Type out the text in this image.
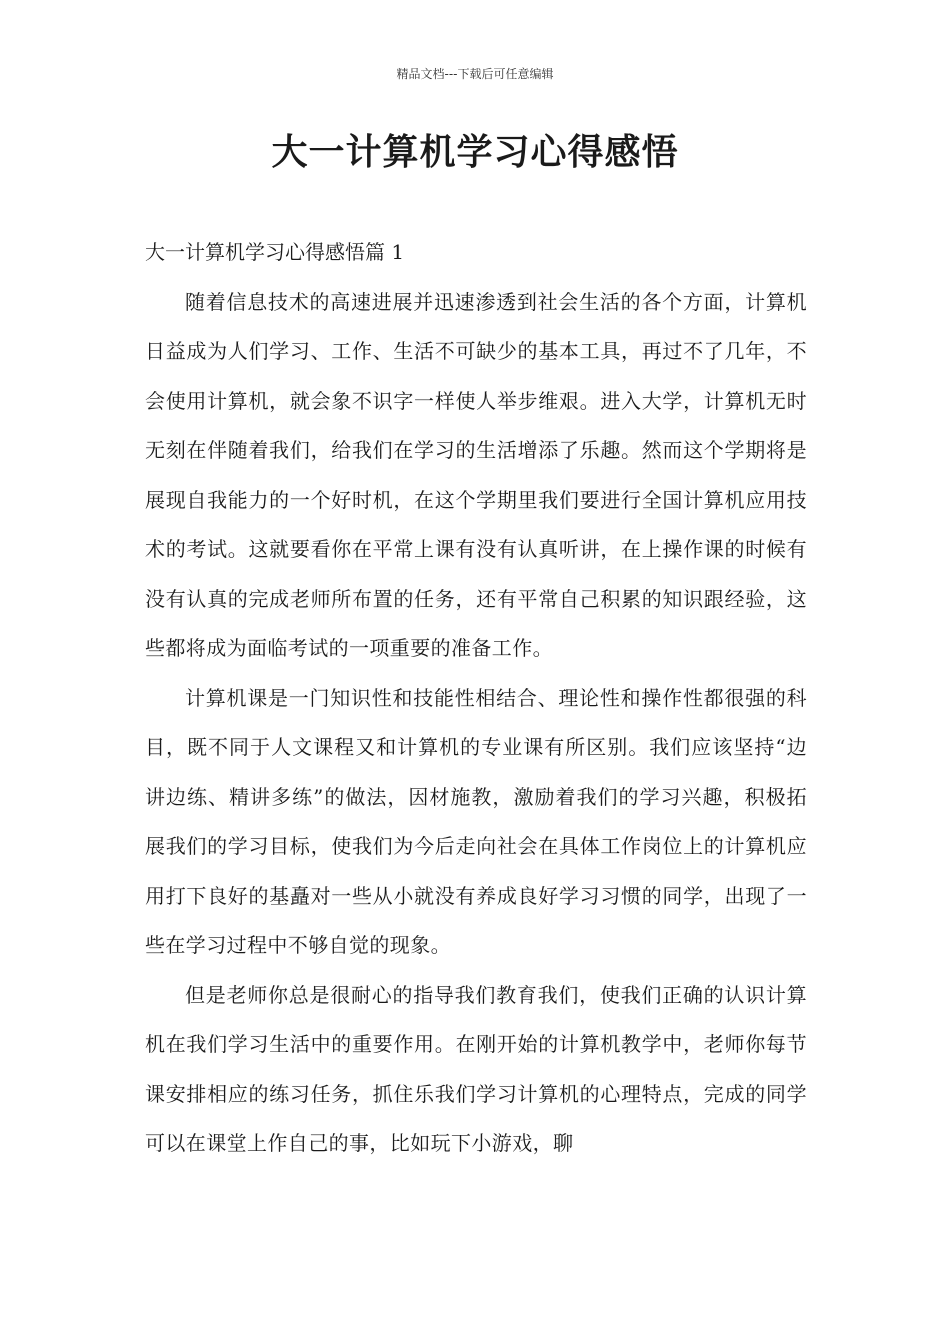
精品文档---下载后可任意编辑
大一计算机学习心得感悟

大一计算机学习心得感悟篇 1

随着信息技术的高速进展并迅速渗透到社会生活的各个方面，计算机日益成为人们学习、工作、生活不可缺少的基本工具，再过不了几年，不会使用计算机，就会象不识字一样使人举步维艰。进入大学，计算机无时无刻在伴随着我们，给我们在学习的生活增添了乐趣。然而这个学期将是展现自我能力的一个好时机，在这个学期里我们要进行全国计算机应用技术的考试。这就要看你在平常上课有没有认真听讲，在上操作课的时候有没有认真的完成老师所布置的任务，还有平常自己积累的知识跟经验，这些都将成为面临考试的一项重要的准备工作。

计算机课是一门知识性和技能性相结合、理论性和操作性都很强的科目，既不同于人文课程又和计算机的专业课有所区别。我们应该坚持“边讲边练、精讲多练”的做法，因材施教，激励着我们的学习兴趣，积极拓展我们的学习目标，使我们为今后走向社会在具体工作岗位上的计算机应用打下良好的基矗对一些从小就没有养成良好学习习惯的同学，出现了一些在学习过程中不够自觉的现象。

但是老师你总是很耐心的指导我们教育我们，使我们正确的认识计算机在我们学习生活中的重要作用。在刚开始的计算机教学中，老师你每节课安排相应的练习任务，抓住乐我们学习计算机的心理特点，完成的同学可以在课堂上作自己的事，比如玩下小游戏，聊
